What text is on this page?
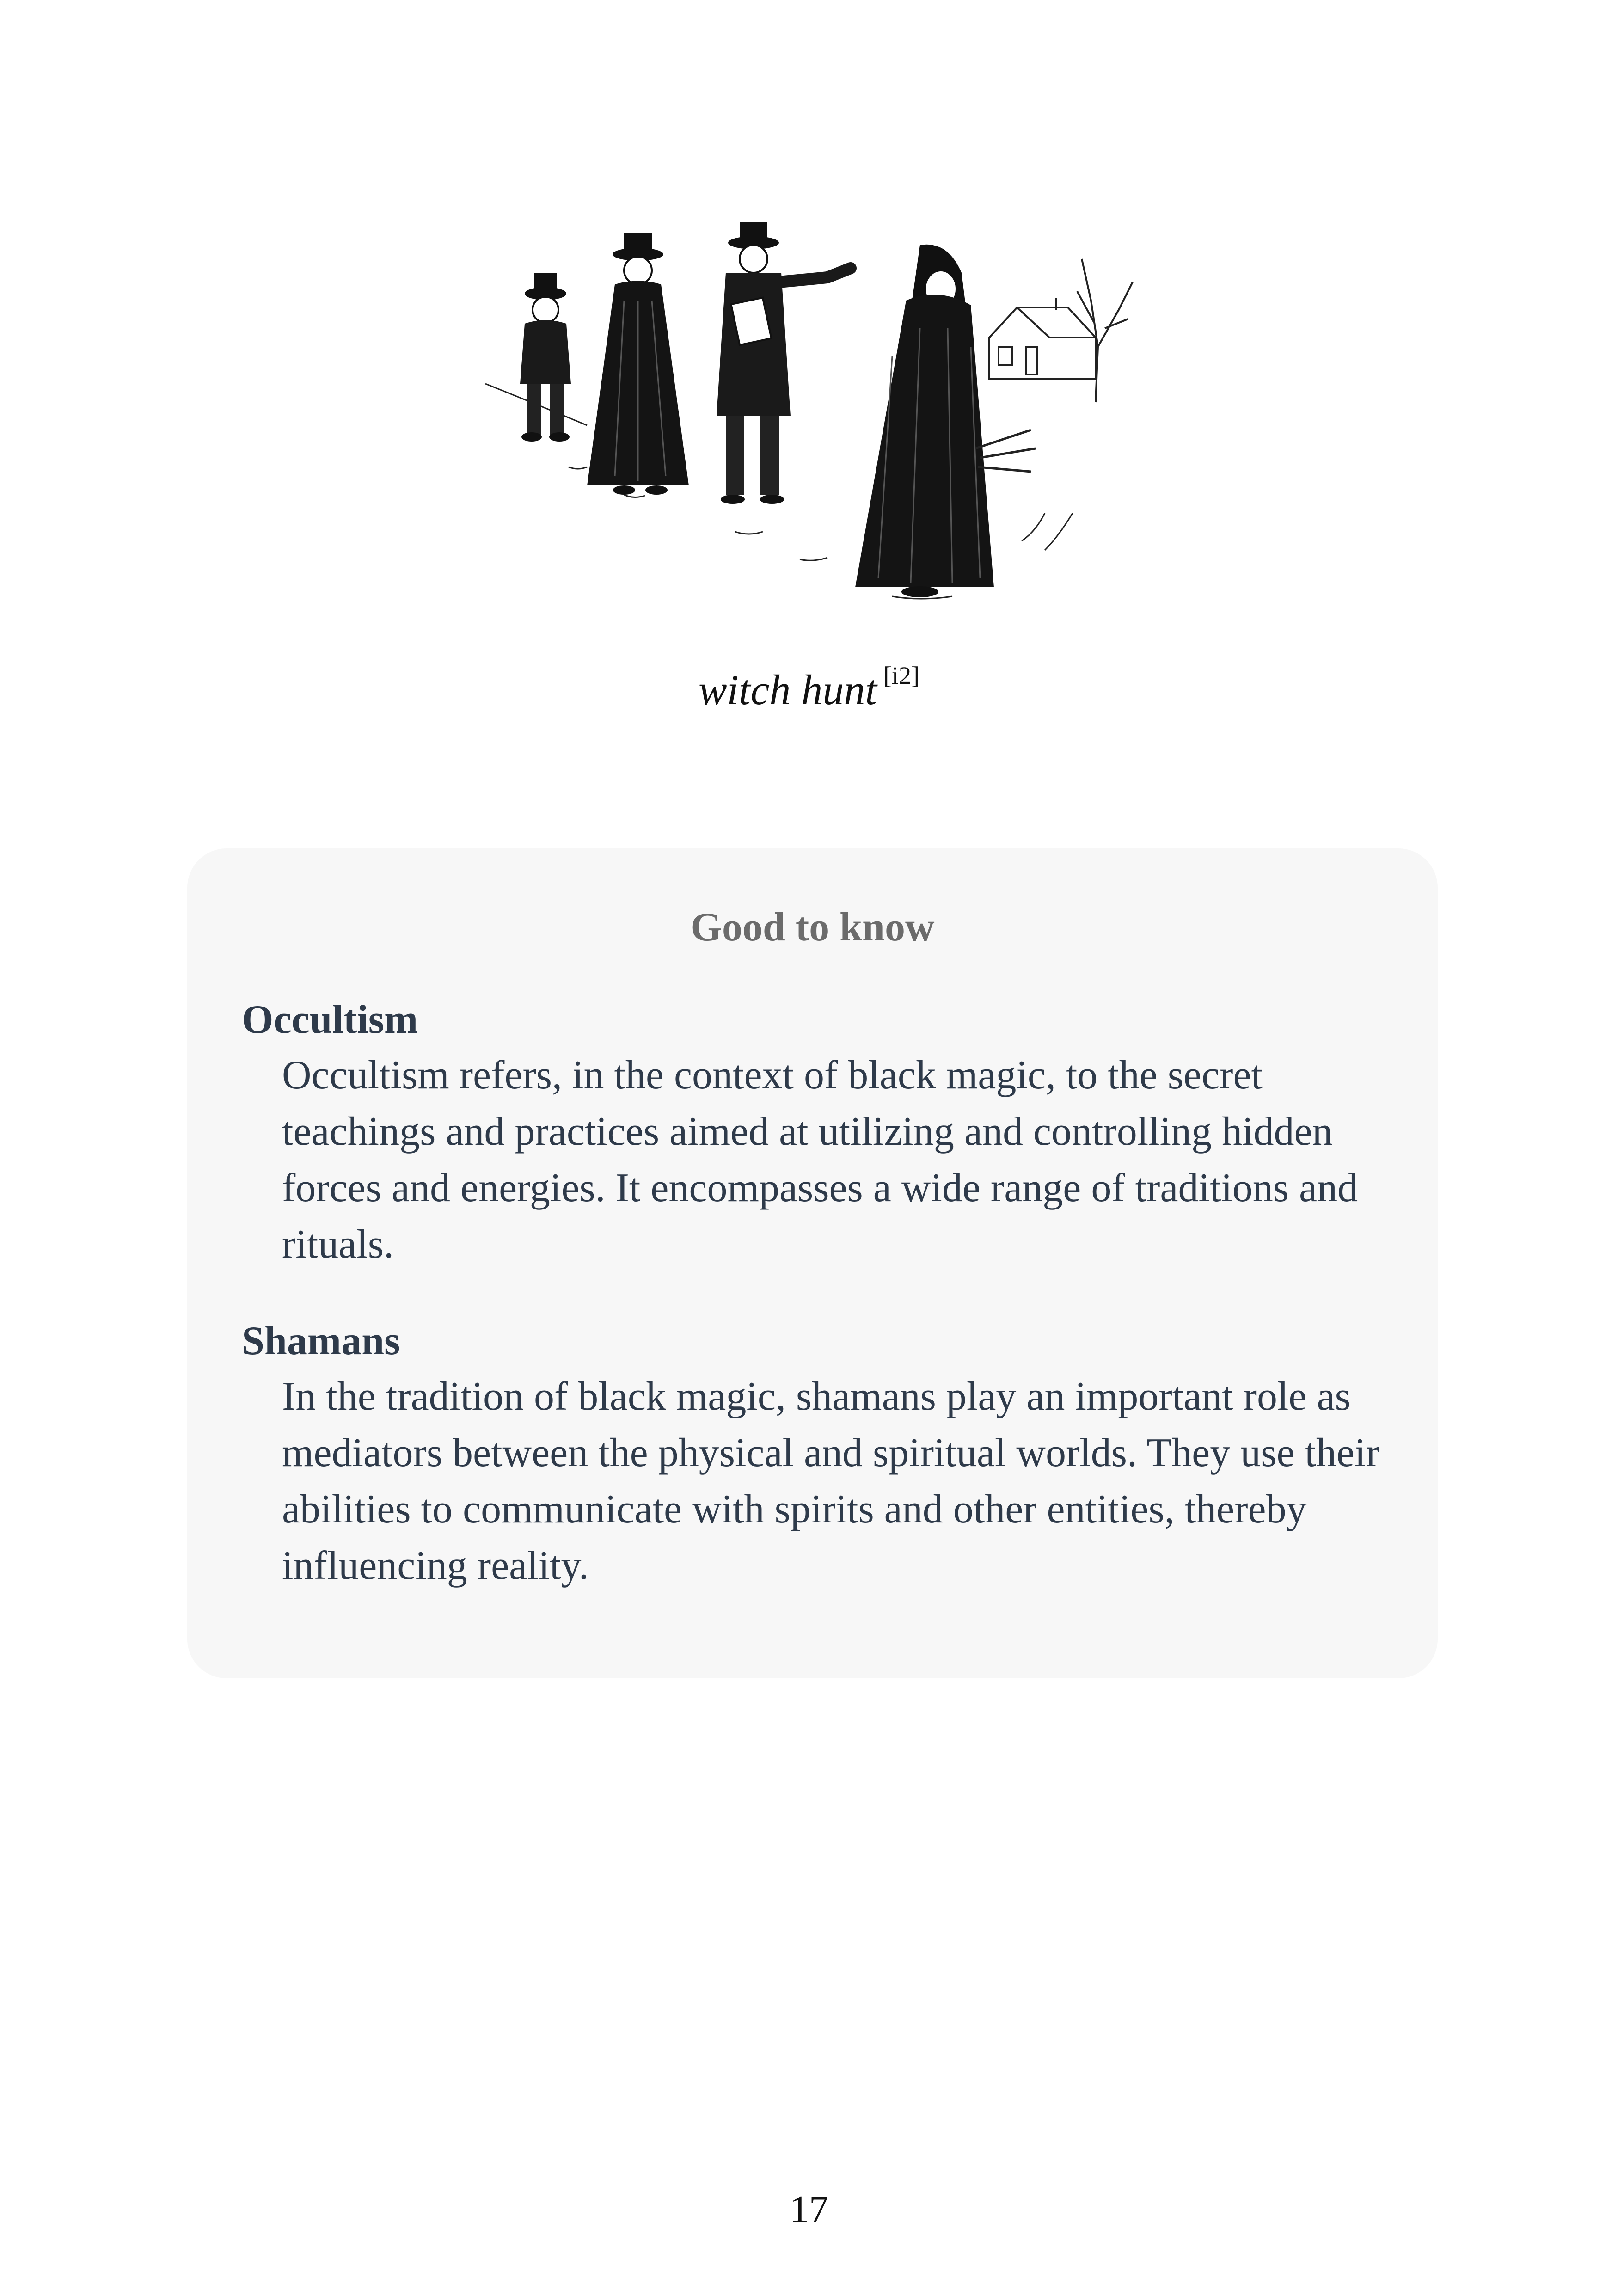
witch hunt [i2]
Good to know
Occultism
Occultism refers, in the context of black magic, to the secret teachings and practices aimed at utilizing and controlling hidden forces and energies. It encompasses a wide range of traditions and rituals.
Shamans
In the tradition of black magic, shamans play an important role as mediators between the physical and spiritual worlds. They use their abilities to communicate with spirits and other entities, thereby influencing reality.
17
